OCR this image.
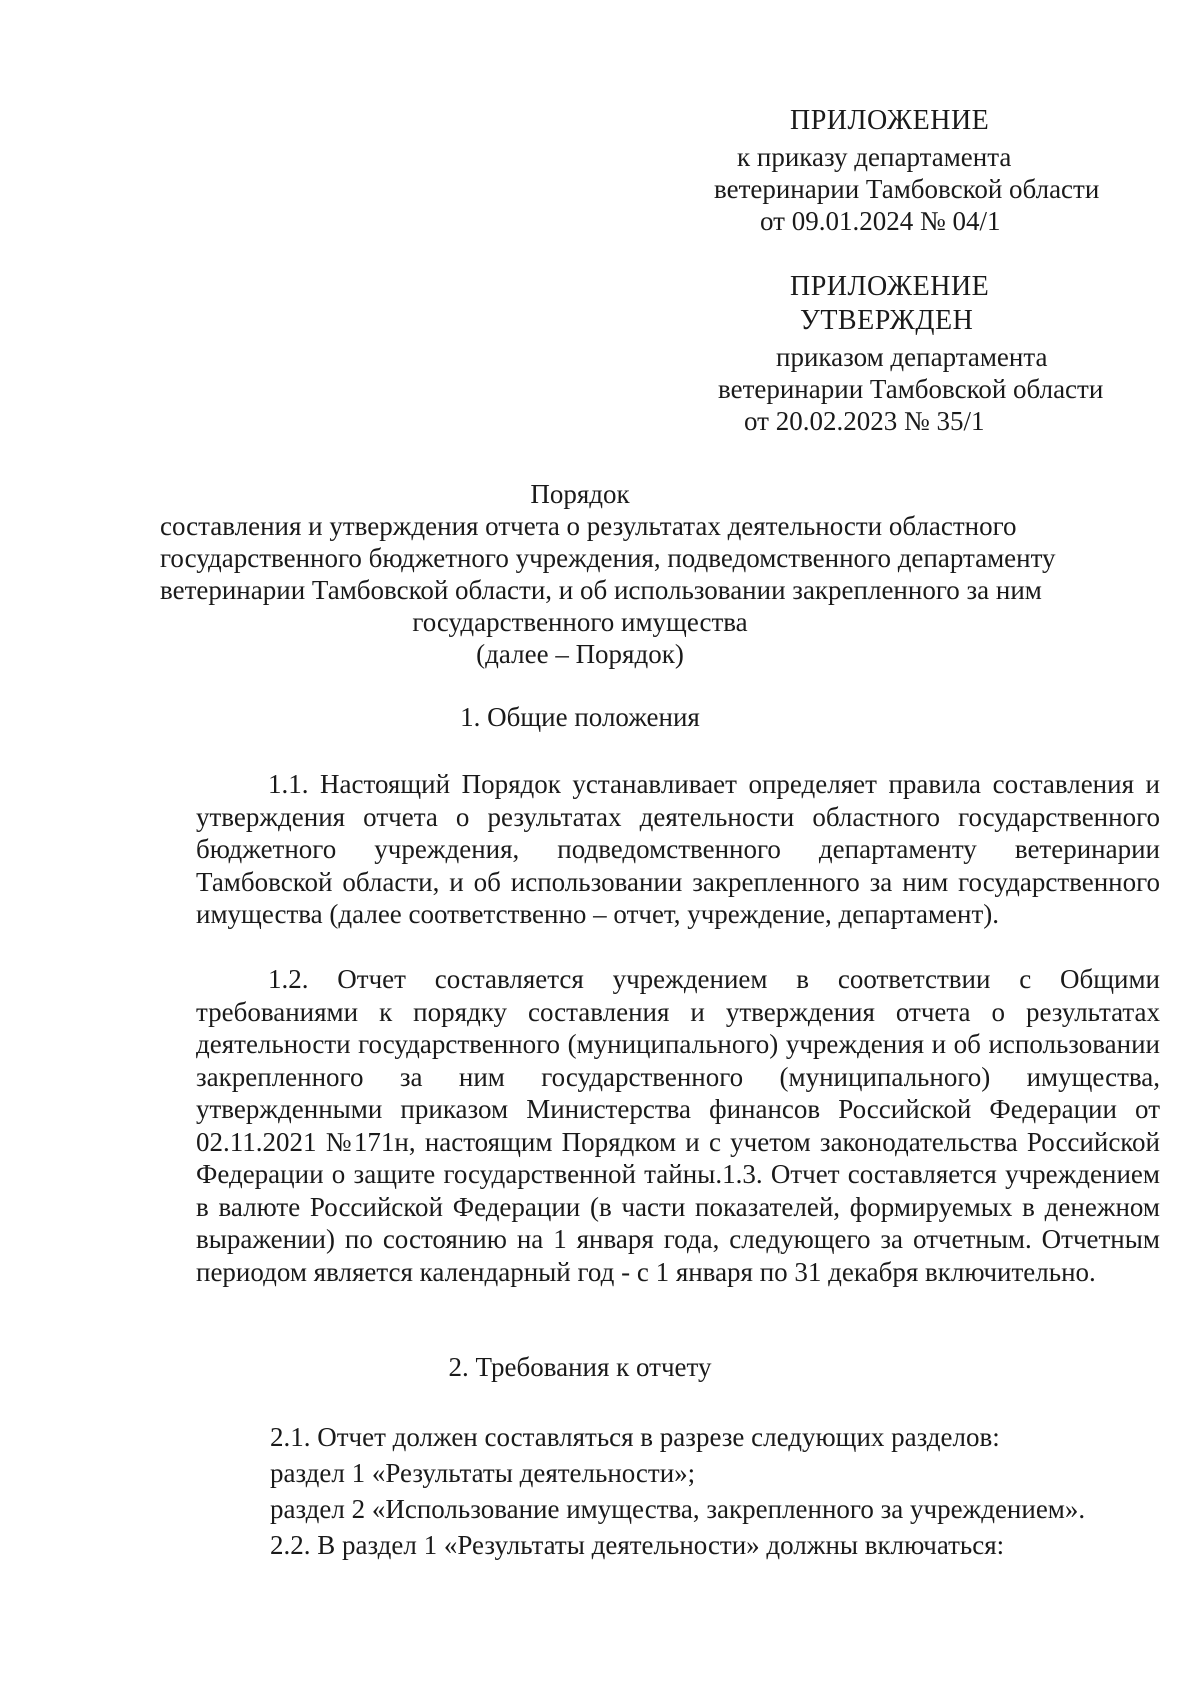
ПРИЛОЖЕНИЕ

к приказу департамента

ветеринарии Тамбовской области

от 09.01.2024 № 04/1

ПРИЛОЖЕНИЕ

УТВЕРЖДЕН

приказом департамента

ветеринарии Тамбовской области

от 20.02.2023 № 35/1

Порядок
составления и утверждения отчета о результатах деятельности областного
государственного бюджетного учреждения, подведомственного департаменту
ветеринарии Тамбовской области, и об использовании закрепленного за ним
государственного имущества
(далее – Порядок)
1. Общие положения

1.1. Настоящий Порядок устанавливает определяет правила составления и утверждения отчета о результатах деятельности областного государственного бюджетного учреждения, подведомственного департаменту ветеринарии Тамбовской области, и об использовании закрепленного за ним государственного имущества (далее соответственно – отчет, учреждение, департамент).

1.2. Отчет составляется учреждением в соответствии с Общими требованиями к порядку составления и утверждения отчета о результатах деятельности государственного (муниципального) учреждения и об использовании закрепленного за ним государственного (муниципального) имущества, утвержденными приказом Министерства финансов Российской Федерации от 02.11.2021 №171н, настоящим Порядком и с учетом законодательства Российской Федерации о защите государственной тайны.1.3. Отчет составляется учреждением в валюте Российской Федерации (в части показателей, формируемых в денежном выражении) по состоянию на 1 января года, следующего за отчетным. Отчетным периодом является календарный год - с 1 января по 31 декабря включительно.

2. Требования к отчету

2.1. Отчет должен составляться в разрезе следующих разделов:

раздел 1 «Результаты деятельности»;

раздел 2 «Использование имущества, закрепленного за учреждением».

2.2. В раздел 1 «Результаты деятельности» должны включаться:
